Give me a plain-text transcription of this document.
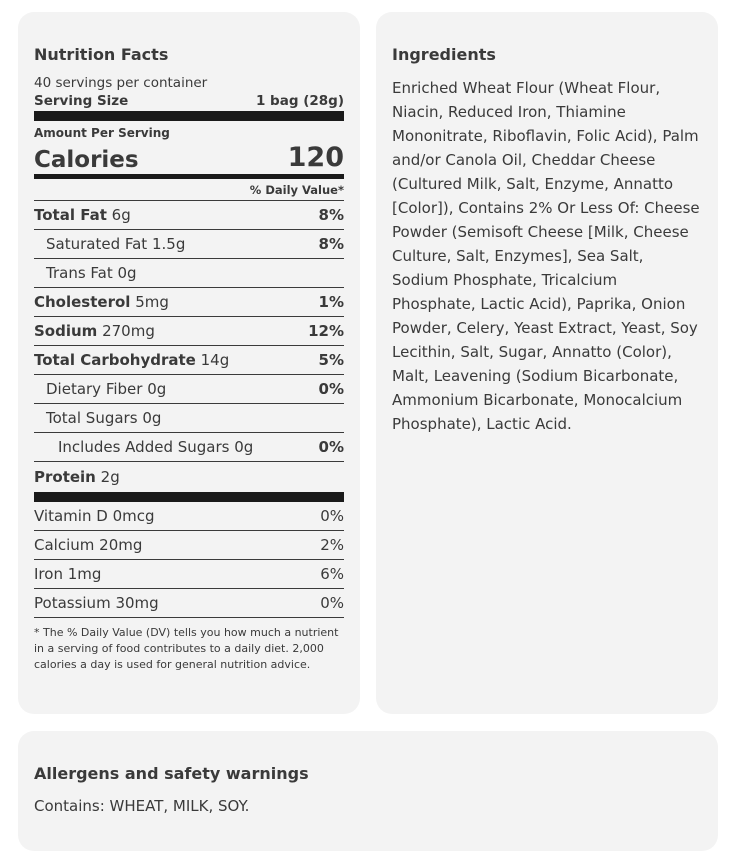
Nutrition Facts
40 servings per container
Serving Size	1 bag (28g)
Amount Per Serving
Calories	120
% Daily Value*
Total Fat 6g	8%
Saturated Fat 1.5g	8%
Trans Fat 0g
Cholesterol 5mg	1%
Sodium 270mg	12%
Total Carbohydrate 14g	5%
Dietary Fiber 0g	0%
Total Sugars 0g
Includes Added Sugars 0g	0%
Protein 2g
Vitamin D 0mcg	0%
Calcium 20mg	2%
Iron 1mg	6%
Potassium 30mg	0%
* The % Daily Value (DV) tells you how much a nutrient in a serving of food contributes to a daily diet. 2,000 calories a day is used for general nutrition advice.
Ingredients
Enriched Wheat Flour (Wheat Flour, Niacin, Reduced Iron, Thiamine Mononitrate, Riboflavin, Folic Acid), Palm and/or Canola Oil, Cheddar Cheese (Cultured Milk, Salt, Enzyme, Annatto [Color]), Contains 2% Or Less Of: Cheese Powder (Semisoft Cheese [Milk, Cheese Culture, Salt, Enzymes], Sea Salt, Sodium Phosphate, Tricalcium Phosphate, Lactic Acid), Paprika, Onion Powder, Celery, Yeast Extract, Yeast, Soy Lecithin, Salt, Sugar, Annatto (Color), Malt, Leavening (Sodium Bicarbonate, Ammonium Bicarbonate, Monocalcium Phosphate), Lactic Acid.
Allergens and safety warnings
Contains: WHEAT, MILK, SOY.
